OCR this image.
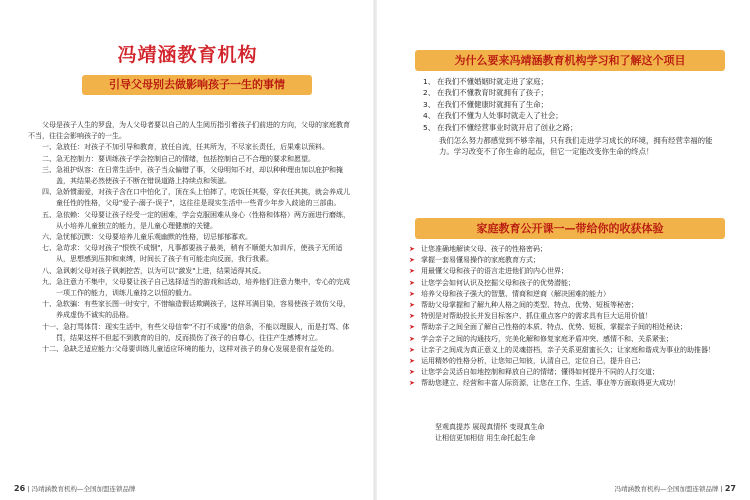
冯靖涵教育机构
引导父母别去做影响孩子一生的事情

父母是孩子人生的罗盘，为人父母者要以自己的人生阅历指引着孩子们前进的方向，父母的家庭教育不当，往往会影响孩子的一生。

一、急放任：对孩子不加引导和教育，放任自流，任其所为，不尽家长责任，后果难以预料。

二、急无控制力：要训练孩子学会控制自己的情绪，包括控制自己不合理的要求和愿望。

三、急祖护纵容：在日常生活中，孩子当众偏错了事，父母明知不对，却以种种理由加以庇护和掩盖，其结果必然使孩子不断在错误道路上持续点和领滋。

四、急娇惯溺爱，对孩子含在口中怕化了，顶在头上怕摔了，吃饭任其娶，穿衣任其挑，就会养成儿童任性的性格，父母"爱子-溺子-误子"，这往往是现实生活中一些青少年步入歧途的三部曲。

五、急依赖：父母要让孩子经受一定的困难，学会克服困难从身心（性格和体格）两方面进行磨练，从小培养儿童独立的能力，是儿童心理健康的关键。

六、急忧郁沉默：父母要培养儿童乐观幽默的性格，切忌郁郁寡欢。

七、急苛求：父母对孩子"恨铁不成钢"，凡事都要孩子最美，稍有不顺便大加训斥，使孩子无所适从，思想感到压抑和束缚，时间长了孩子有可能走向反面，我行我素。

八、急讽刺父母对孩子讽刺挖苦，以为可以"激发"上进，结果适得其反。

九、急注意力不集中，父母要让孩子自己选择适当的游戏和活动，培养他们注意力集中，专心的完成一项工作的能力，训练儿童持之以恒的毅力。

十、急软骗：有些家长图一时安宁，不惜编造假话欺瞒孩子，这样耳满目染，容易使孩子效仿父母，养成虚伪不诚实的品格。

十一、急打骂体罚：现实生活中，有些父母信奉"不打不成器"的信条，不能以理服人，而是打骂、体罚，结果这样不但起不到教育的目的，反而损伤了孩子的自尊心，往往产生感博对立。

十二、急缺乏适应能力:父母要训练儿童适应环境的能力，这样对孩子的身心发展是很有益处的。

26 | 冯靖涵教育机构—全国加盟连锁品牌
为什么要来冯靖涵教育机构学习和了解这个项目
1、 在我们不懂婚姻时就走进了家庭；
2、 在我们不懂教育时就拥有了孩子；
3、 在我们不懂健康时就拥有了生命；
4、 在我们不懂为人处事时就走入了社会；
5、 在我们不懂经营事业时就开启了创业之路；
我们怎么努力都感觉到不够幸福，只有我们走进学习成长的环境，拥有经营幸福的能力。学习改变不了你生命的起点，但它一定能改变你生命的终点！
家庭教育公开课一—带给你的收获体验
➤ 让您准确地解读父母、孩子的性格密码；
➤ 掌握一套易懂易操作的家庭教育方式；
➤ 用最懂父母和孩子的语言走进他们的内心世界；
➤ 让您学会如何认识及挖掘父母和孩子的优势潜能；
➤ 培养父母和孩子强大的智慧、情商和逆商（解决困难的能力）
➤ 帮助父母掌握和了解九种人格之间的类型、特点、优势、短板等秘密；
➤ 特别是对帮助投长并发目标客户、抓住重点客户的需求具有巨大运用价值！
➤ 帮助亲子之间全面了解自己性格的本质、特点、优势、短板，掌握亲子间的相处秘诀；
➤ 学会亲子之间的沟通技巧，完美化解和修复家庭矛盾冲突、感情不和、关系紧张；
➤ 让亲子之间成为真正意义上的灵魂搭档，亲子关系更甜蜜长久；让家庭和谐成为事业的助推器！
➤ 运用精妙的性格分析，让您知己知彼，认清自己，定位自己，提升自己；
➤ 让您学会灵活自如地控制和释放自己的情绪；懂得如何提升不同的人打交道；
➤ 帮助您建立、经营和丰富人际资源，让您在工作、生活、事业等方面取得更大成功！

坚观真提苏 展现真情怀 变现真生命

让相信更加相信 用生命托起生命

冯靖涵教育机构—全国加盟连锁品牌 | 27
